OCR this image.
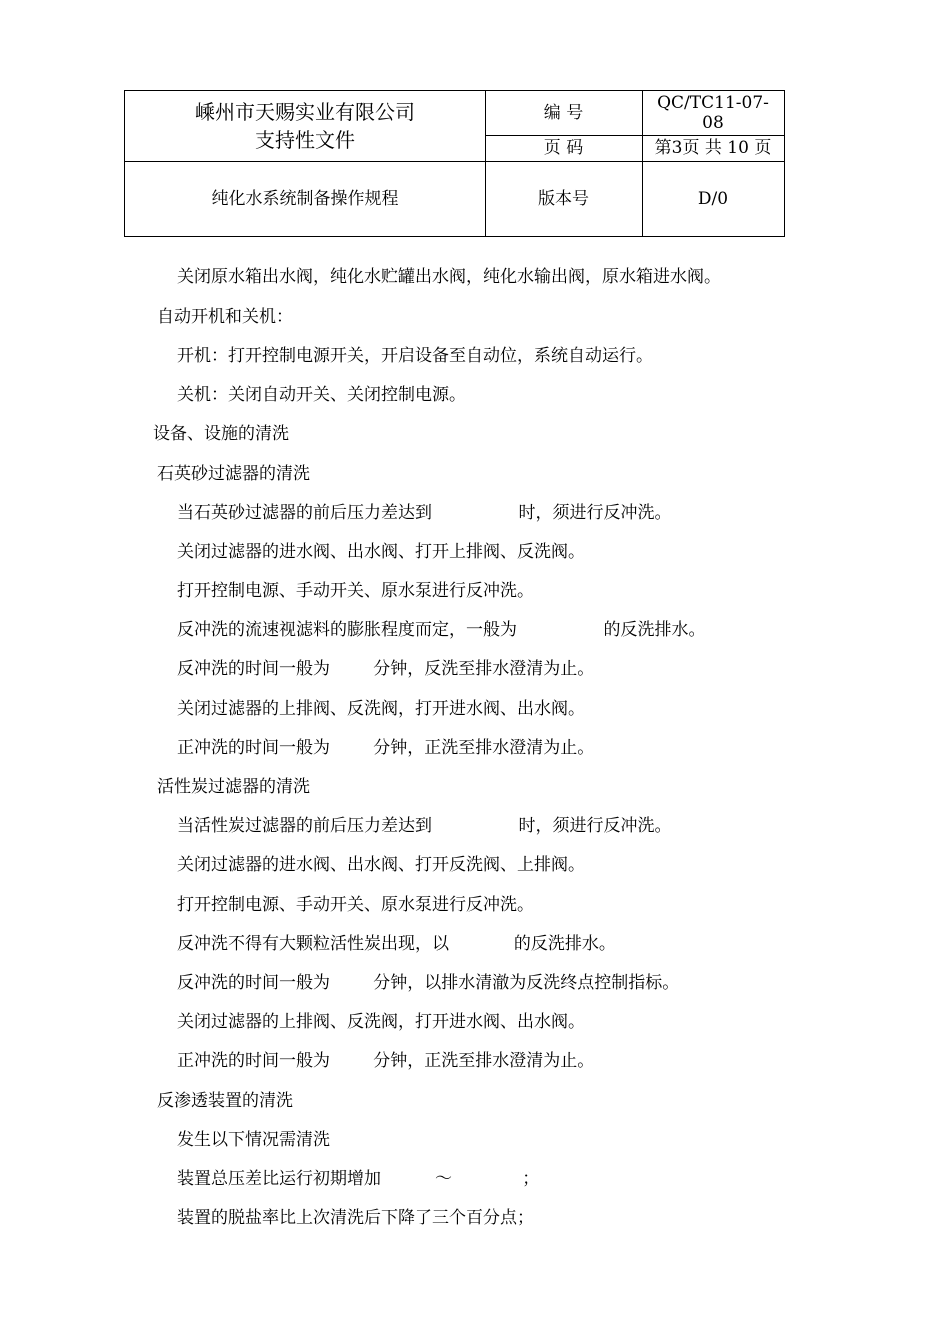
嵊州市天赐实业有限公司
支持性文件
编 号	QC/TC11-07-08
页 码	第3页 共 10 页
纯化水系统制备操作规程	版本号	D/0
关闭原水箱出水阀，纯化水贮罐出水阀，纯化水输出阀，原水箱进水阀。
自动开机和关机：
开机：打开控制电源开关，开启设备至自动位，系统自动运行。
关机：关闭自动开关、关闭控制电源。
设备、设施的清洗
石英砂过滤器的清洗
当石英砂过滤器的前后压力差达到                时，须进行反冲洗。
关闭过滤器的进水阀、出水阀、打开上排阀、反洗阀。
打开控制电源、手动开关、原水泵进行反冲洗。
反冲洗的流速视滤料的膨胀程度而定，一般为                的反洗排水。
反冲洗的时间一般为        分钟，反洗至排水澄清为止。
关闭过滤器的上排阀、反洗阀，打开进水阀、出水阀。
正冲洗的时间一般为        分钟，正洗至排水澄清为止。
活性炭过滤器的清洗
当活性炭过滤器的前后压力差达到                时，须进行反冲洗。
关闭过滤器的进水阀、出水阀、打开反洗阀、上排阀。
打开控制电源、手动开关、原水泵进行反冲洗。
反冲洗不得有大颗粒活性炭出现，以            的反洗排水。
反冲洗的时间一般为        分钟，以排水清澈为反洗终点控制指标。
关闭过滤器的上排阀、反洗阀，打开进水阀、出水阀。
正冲洗的时间一般为        分钟，正洗至排水澄清为止。
反渗透装置的清洗
发生以下情况需清洗
装置总压差比运行初期增加          ～             ；
装置的脱盐率比上次清洗后下降了三个百分点；
